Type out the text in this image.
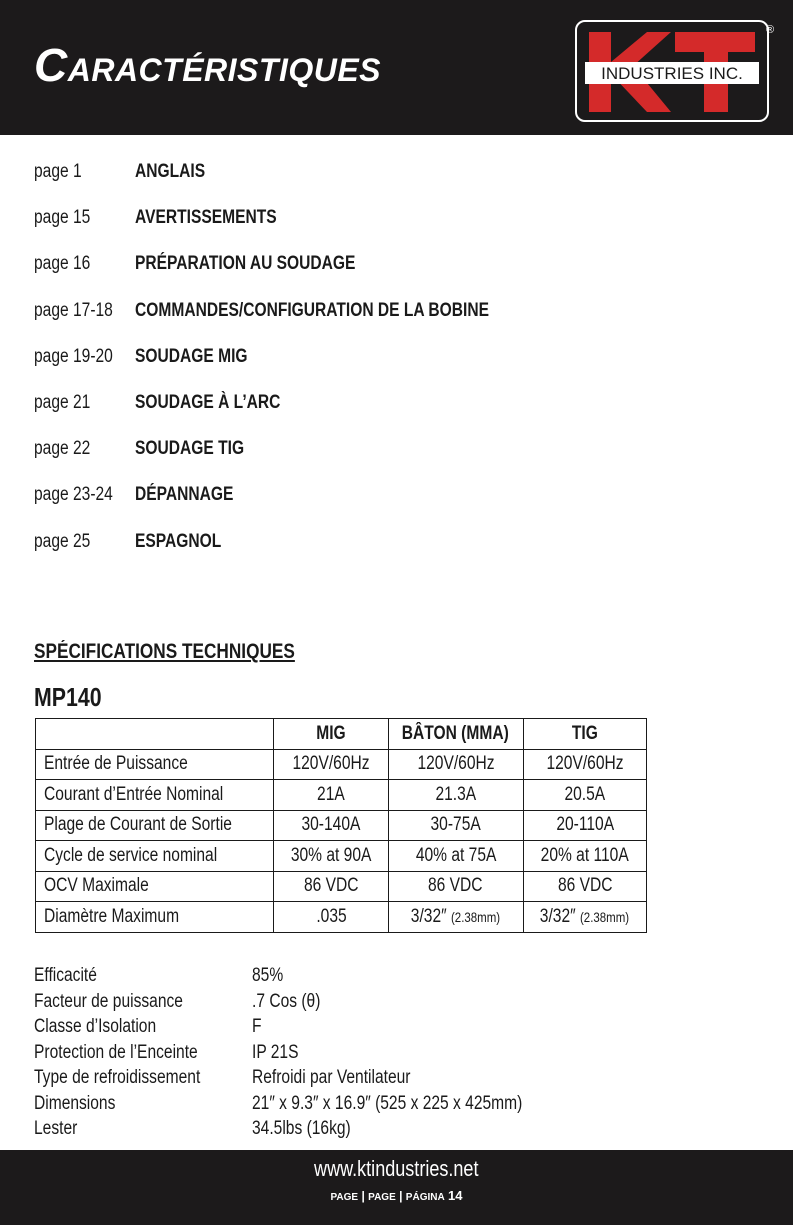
Caractéristiques	INDUSTRIES INC.
®
page 1	ANGLAIS
page 15 AVERTISSEMENTS
page 16 PRÉPARATION AU SOUDAGE
page 17-18 COMMANDES/CONFIGURATION DE LA BOBINE
page 19-20 SOUDAGE MIG
page 21 SOUDAGE À L’ARC
page 22 SOUDAGE TIG
page 23-24 DÉPANNAGE
page 25 ESPAGNOL
SPÉCIFICATIONS TECHNIQUES
MP140
	MIG	BÂTON (MMA)	TIG
Entrée de Puissance	120V/60Hz	120V/60Hz	120V/60Hz
Courant d’Entrée Nominal	21A	21.3A	20.5A
Plage de Courant de Sortie	30-140A	30-75A	20-110A
Cycle de service nominal	30% at 90A	40% at 75A	20% at 110A
OCV Maximale	86 VDC	86 VDC	86 VDC
Diamètre Maximum	.035	3/32″ (2.38mm)	3/32″ (2.38mm)
Efficacité	85%
Facteur de puissance	.7 Cos (θ)
Classe d’Isolation	F
Protection de l’Enceinte	IP 21S
Type de refroidissement	Refroidi par Ventilateur
Dimensions	21″ x 9.3″ x 16.9″ (525 x 225 x 425mm)
Lester	34.5lbs (16kg)
www.ktindustries.net
PAGE | PAGE | PÁGINA 14
